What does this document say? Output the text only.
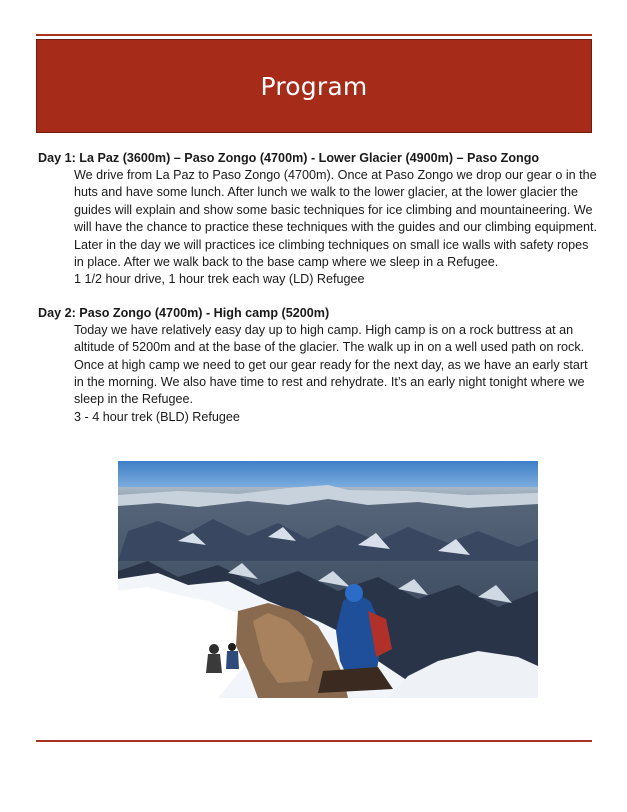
Program

Day 1: La Paz (3600m) – Paso Zongo (4700m) - Lower Glacier (4900m) – Paso Zongo

We drive from La Paz to Paso Zongo (4700m). Once at Paso Zongo we drop our gear o in the huts and have some lunch. After lunch we walk to the lower glacier, at the lower glacier the guides will explain and show some basic techniques for ice climbing and mountaineering. We will have the chance to practice these techniques with the guides and our climbing equipment. Later in the day we will practices ice climbing techniques on small ice walls with safety ropes in place. After we walk back to the base camp where we sleep in a Refugee.

1 1/2 hour drive, 1 hour trek each way (LD) Refugee

Day 2: Paso Zongo (4700m) - High camp (5200m)

Today we have relatively easy day up to high camp. High camp is on a rock buttress at an altitude of 5200m and at the base of the glacier. The walk up in on a well used path on rock. Once at high camp we need to get our gear ready for the next day, as we have an early start in the morning. We also have time to rest and rehydrate. It’s an early night tonight where we sleep in the Refugee.

3 - 4 hour trek (BLD) Refugee
